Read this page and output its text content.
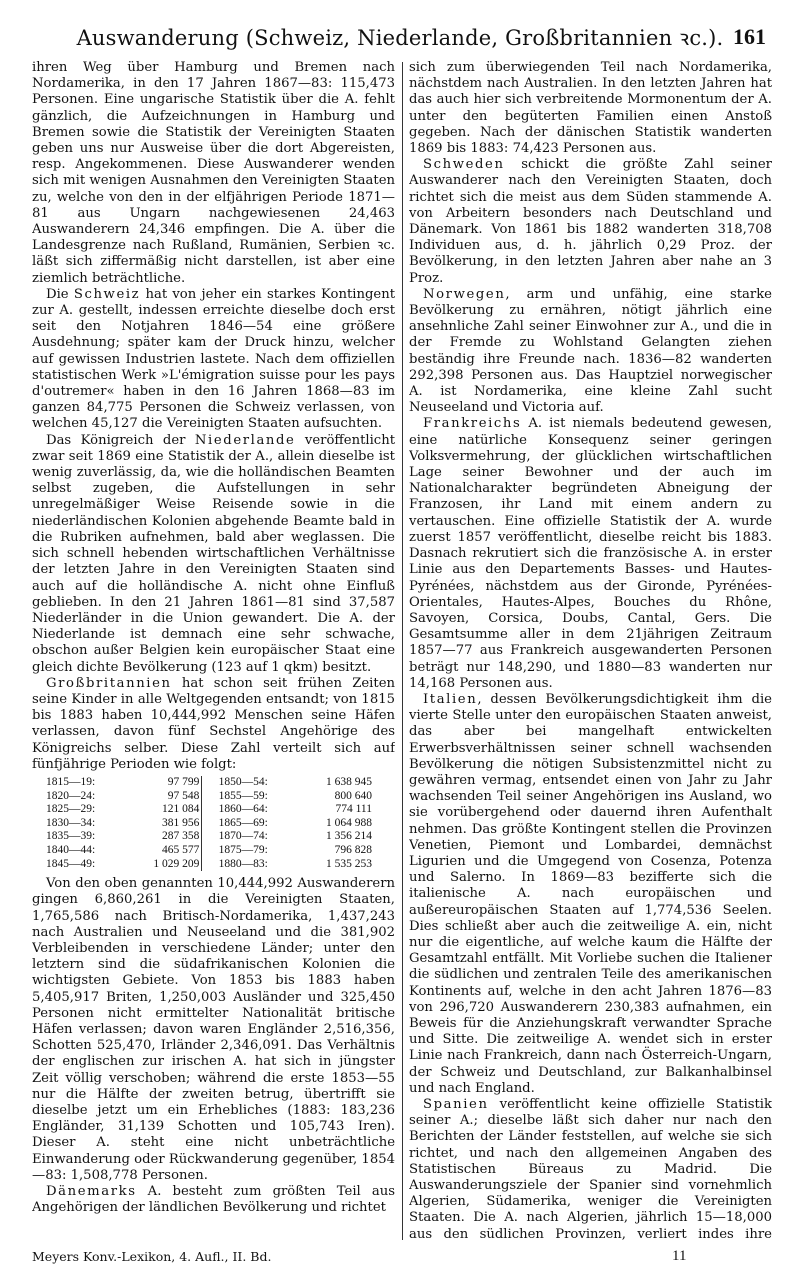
Auswanderung (Schweiz, Niederlande, Großbritannien ꝛc.). 161

ihren Weg über Hamburg und Bremen nach Nordamerika, in den 17 Jahren 1867—83: 115,473 Personen. Eine ungarische Statistik über die A. fehlt gänzlich, die Aufzeichnungen in Hamburg und Bremen sowie die Statistik der Vereinigten Staaten geben uns nur Ausweise über die dort Abgereisten, resp. Angekommenen. Diese Auswanderer wenden sich mit wenigen Ausnahmen den Vereinigten Staaten zu, welche von den in der elfjährigen Periode 1871—81 aus Ungarn nachgewiesenen 24,463 Auswanderern 24,346 empfingen. Die A. über die Landesgrenze nach Rußland, Rumänien, Serbien ꝛc. läßt sich ziffermäßig nicht darstellen, ist aber eine ziemlich beträchtliche.

Die Schweiz hat von jeher ein starkes Kontingent zur A. gestellt, indessen erreichte dieselbe doch erst seit den Notjahren 1846—54 eine größere Ausdehnung; später kam der Druck hinzu, welcher auf gewissen Industrien lastete. Nach dem offiziellen statistischen Werk »L'émigration suisse pour les pays d'outremer« haben in den 16 Jahren 1868—83 im ganzen 84,775 Personen die Schweiz verlassen, von welchen 45,127 die Vereinigten Staaten aufsuchten.

Das Königreich der Niederlande veröffentlicht zwar seit 1869 eine Statistik der A., allein dieselbe ist wenig zuverlässig, da, wie die holländischen Beamten selbst zugeben, die Aufstellungen in sehr unregelmäßiger Weise Reisende sowie in die niederländischen Kolonien abgehende Beamte bald in die Rubriken aufnehmen, bald aber weglassen. Die sich schnell hebenden wirtschaftlichen Verhältnisse der letzten Jahre in den Vereinigten Staaten sind auch auf die holländische A. nicht ohne Einfluß geblieben. In den 21 Jahren 1861—81 sind 37,587 Niederländer in die Union gewandert. Die A. der Niederlande ist demnach eine sehr schwache, obschon außer Belgien kein europäischer Staat eine gleich dichte Bevölkerung (123 auf 1 qkm) besitzt.

Großbritannien hat schon seit frühen Zeiten seine Kinder in alle Weltgegenden entsandt; von 1815 bis 1883 haben 10,444,992 Menschen seine Häfen verlassen, davon fünf Sechstel Angehörige des Königreichs selber. Diese Zahl verteilt sich auf fünfjährige Perioden wie folgt:

1815—19:	97 799		1850—54:	1 638 945
1820—24:	97 548		1855—59:	800 640
1825—29:	121 084		1860—64:	774 111
1830—34:	381 956		1865—69:	1 064 988
1835—39:	287 358		1870—74:	1 356 214
1840—44:	465 577		1875—79:	796 828
1845—49:	1 029 209		1880—83:	1 535 253

Von den oben genannten 10,444,992 Auswanderern gingen 6,860,261 in die Vereinigten Staaten, 1,765,586 nach Britisch-Nordamerika, 1,437,243 nach Australien und Neuseeland und die 381,902 Verbleibenden in verschiedene Länder; unter den letztern sind die südafrikanischen Kolonien die wichtigsten Gebiete. Von 1853 bis 1883 haben 5,405,917 Briten, 1,250,003 Ausländer und 325,450 Personen nicht ermittelter Nationalität britische Häfen verlassen; davon waren Engländer 2,516,356, Schotten 525,470, Irländer 2,346,091. Das Verhältnis der englischen zur irischen A. hat sich in jüngster Zeit völlig verschoben; während die erste 1853—55 nur die Hälfte der zweiten betrug, übertrifft sie dieselbe jetzt um ein Erhebliches (1883: 183,236 Engländer, 31,139 Schotten und 105,743 Iren). Dieser A. steht eine nicht unbeträchtliche Einwanderung oder Rückwanderung gegenüber, 1854—83: 1,508,778 Personen.

Dänemarks A. besteht zum größten Teil aus Angehörigen der ländlichen Bevölkerung und richtet

sich zum überwiegenden Teil nach Nordamerika, nächstdem nach Australien. In den letzten Jahren hat das auch hier sich verbreitende Mormonentum der A. unter den begüterten Familien einen Anstoß gegeben. Nach der dänischen Statistik wanderten 1869 bis 1883: 74,423 Personen aus.

Schweden schickt die größte Zahl seiner Auswanderer nach den Vereinigten Staaten, doch richtet sich die meist aus dem Süden stammende A. von Arbeitern besonders nach Deutschland und Dänemark. Von 1861 bis 1882 wanderten 318,708 Individuen aus, d. h. jährlich 0,29 Proz. der Bevölkerung, in den letzten Jahren aber nahe an 3 Proz.

Norwegen, arm und unfähig, eine starke Bevölkerung zu ernähren, nötigt jährlich eine ansehnliche Zahl seiner Einwohner zur A., und die in der Fremde zu Wohlstand Gelangten ziehen beständig ihre Freunde nach. 1836—82 wanderten 292,398 Personen aus. Das Hauptziel norwegischer A. ist Nordamerika, eine kleine Zahl sucht Neuseeland und Victoria auf.

Frankreichs A. ist niemals bedeutend gewesen, eine natürliche Konsequenz seiner geringen Volksvermehrung, der glücklichen wirtschaftlichen Lage seiner Bewohner und der auch im Nationalcharakter begründeten Abneigung der Franzosen, ihr Land mit einem andern zu vertauschen. Eine offizielle Statistik der A. wurde zuerst 1857 veröffentlicht, dieselbe reicht bis 1883. Dasnach rekrutiert sich die französische A. in erster Linie aus den Departements Basses- und Hautes-Pyrénées, nächstdem aus der Gironde, Pyrénées-Orientales, Hautes-Alpes, Bouches du Rhône, Savoyen, Corsica, Doubs, Cantal, Gers. Die Gesamtsumme aller in dem 21jährigen Zeitraum 1857—77 aus Frankreich ausgewanderten Personen beträgt nur 148,290, und 1880—83 wanderten nur 14,168 Personen aus.

Italien, dessen Bevölkerungsdichtigkeit ihm die vierte Stelle unter den europäischen Staaten anweist, das aber bei mangelhaft entwickelten Erwerbsverhältnissen seiner schnell wachsenden Bevölkerung die nötigen Subsistenzmittel nicht zu gewähren vermag, entsendet einen von Jahr zu Jahr wachsenden Teil seiner Angehörigen ins Ausland, wo sie vorübergehend oder dauernd ihren Aufenthalt nehmen. Das größte Kontingent stellen die Provinzen Venetien, Piemont und Lombardei, demnächst Ligurien und die Umgegend von Cosenza, Potenza und Salerno. In 1869—83 bezifferte sich die italienische A. nach europäischen und außereuropäischen Staaten auf 1,774,536 Seelen. Dies schließt aber auch die zeitweilige A. ein, nicht nur die eigentliche, auf welche kaum die Hälfte der Gesamtzahl entfällt. Mit Vorliebe suchen die Italiener die südlichen und zentralen Teile des amerikanischen Kontinents auf, welche in den acht Jahren 1876—83 von 296,720 Auswanderern 230,383 aufnahmen, ein Beweis für die Anziehungskraft verwandter Sprache und Sitte. Die zeitweilige A. wendet sich in erster Linie nach Frankreich, dann nach Österreich-Ungarn, der Schweiz und Deutschland, zur Balkanhalbinsel und nach England.

Spanien veröffentlicht keine offizielle Statistik seiner A.; dieselbe läßt sich daher nur nach den Berichten der Länder feststellen, auf welche sie sich richtet, und nach den allgemeinen Angaben des Statistischen Büreaus zu Madrid. Die Auswanderungsziele der Spanier sind vornehmlich Algerien, Südamerika, weniger die Vereinigten Staaten. Die A. nach Algerien, jährlich 15—18,000 aus den südlichen Provinzen, verliert indes ihre

Meyers Konv.-Lexikon, 4. Aufl., II. Bd.	11
